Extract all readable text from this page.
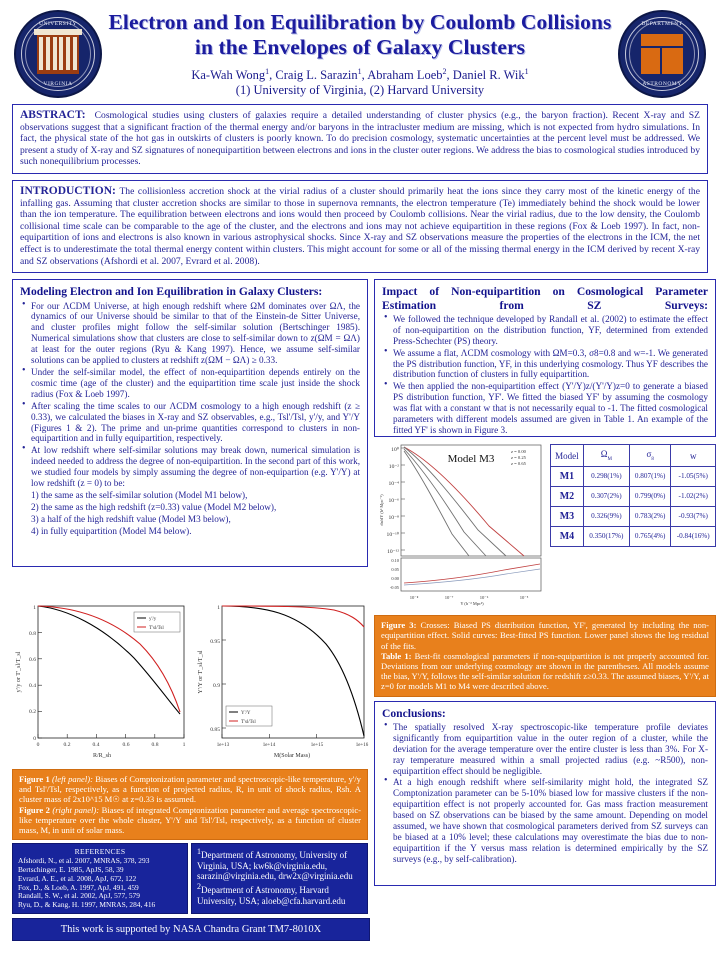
UNIVERSITY
VIRGINIA
Electron and Ion Equilibration by Coulomb Collisions
in the Envelopes of Galaxy Clusters
Ka-Wah Wong$^1$, Craig L. Sarazin$^1$, Abraham Loeb$^2$, Daniel R. Wik$^1$
(1) University of Virginia, (2) Harvard University
DEPARTMENT
ASTRONOMY

ABSTRACT: Cosmological studies using clusters of galaxies require a detailed understanding of cluster physics (e.g., the baryon fraction). Recent X-ray and SZ observations suggest that a significant fraction of the thermal energy and/or baryons in the intracluster medium are missing, which is not expected from hydro simulations. In fact, the physical state of the hot gas in outskirts of clusters is poorly known. To do precision cosmology, systematic uncertainties at the percent level must be addressed. We present a study of X-ray and SZ signatures of nonequipartition between electrons and ions in the cluster outer regions. We address the bias to cosmological studies introduced by such nonequilibrium processes.

INTRODUCTION: The collisionless accretion shock at the virial radius of a cluster should primarily heat the ions since they carry most of the kinetic energy of the infalling gas. Assuming that cluster accretion shocks are similar to those in supernova remnants, the electron temperature (Te) immediately behind the shock would be lower than the ion temperature. The equilibration between electrons and ions would then proceed by Coulomb collisions. Near the virial radius, due to the low density, the Coulomb collisional time scale can be comparable to the age of the cluster, and the electrons and ions may not achieve equipartition in these regions (Fox & Loeb 1997). In fact, non-equipartition of ions and electrons is also known in various astrophysical shocks. Since X-ray and SZ observations measure the properties of the electrons in the ICM, the net effect is to underestimate the total thermal energy content within clusters. This might account for some or all of the missing thermal energy in the ICM derived by recent X-ray and SZ observations (Afshordi et al. 2007, Evrard et al. 2008).

Modeling Electron and Ion Equilibration in Galaxy Clusters:
• For our ΛCDM Universe, at high enough redshift where ΩM dominates over ΩΛ, the dynamics of our Universe should be similar to that of the Einstein-de Sitter Universe, and cluster profiles might follow the self-similar solution (Bertschinger 1985). Numerical simulations show that clusters are close to self-similar down to z(ΩM = ΩΛ) at least for the outer regions (Ryu & Kang 1997). Hence, we assume self-similar solutions can be applied to clusters at redshift z(ΩM − ΩΛ) ≥ 0.33.
• Under the self-similar model, the effect of non-equipartition depends entirely on the cosmic time (age of the cluster) and the equipartition time scale just inside the shock radius (Fox & Loeb 1997).
• After scaling the time scales to our ΛCDM cosmology to a high enough redshift (z ≥ 0.33), we calculated the biases in X-ray and SZ observables, e.g., Tsl'/Tsl, y'/y, and Y'/Y (Figures 1 & 2). The prime and un-prime quantities correspond to clusters in non-equipartition and in fully equipartition, respectively.
• At low redshift where self-similar solutions may break down, numerical simulation is indeed needed to address the degree of non-equipartition. In the second part of this work, we studied four models by simply assuming the degree of non-equipartion (e.g. Y'/Y) at low redshift (z = 0) to be:
1) the same as the self-similar solution (Model M1 below),
2) the same as the high redshift (z=0.33) value (Model M2 below),
3) a half of the high redshift value (Model M3 below),
4) in fully equipartition (Model M4 below).
Impact of Non-equipartition on Cosmological Parameter Estimation from SZ Surveys:
• We followed the technique developed by Randall et al. (2002) to estimate the effect of non-equipartition on the distribution function, YF, determined from extended Press-Schechter (PS) theory.
• We assume a flat, ΛCDM cosmology with ΩM=0.3, σ8=0.8 and w=-1. We generated the PS distribution function, YF, in this underlying cosmology. Thus YF describes the distribution function of clusters in fully equipartition.
• We then applied the non-equipartition effect (Y'/Y)z/(Y'/Y)z=0 to generate a biased PS distribution function, YF'. We fitted the biased YF' by assuming the cosmology was flat with a constant w that is not necessarily equal to -1. The fitted cosmological parameters with different models assumed are given in Table 1. An example of the fitted YF' is shown in Figure 3.
10⁰
10⁻²
10⁻⁴
10⁻⁶
10⁻⁸
10⁻¹⁰
10⁻¹²
z = 0.00
z = 0.25
z = 0.65
Model M3
0.10
0.05
0.00
-0.05
10⁻⁸	10⁻⁷	10⁻⁶	10⁻⁵
Y (h⁻² Mpc²)
dn/dY (h³ Mpc⁻³)
Model	$\Omega_M$	$\sigma_8$	w
M1	0.298(1%)	0.807(1%)	-1.05(5%)
M2	0.307(2%)	0.799(0%)	-1.02(2%)
M3	0.326(9%)	0.783(2%)	-0.93(7%)
M4	0.350(17%)	0.765(4%)	-0.84(16%)
Figure 3: Crosses: Biased PS distribution function, YF', generated by including the non-equipartition effect. Solid curves: Best-fitted PS function. Lower panel shows the log residual of the fits.
Table 1: Best-fit cosmological parameters if non-equipartition is not properly accounted for. Deviations from our underlying cosmology are shown in the parentheses. All models assume the bias, Y'/Y, follows the self-similar solution for redshift z≥0.33. The assumed biases, Y'/Y, at z=0 for models M1 to M4 were described above.
Conclusions:
• The spatially resolved X-ray spectroscopic-like temperature profile deviates significantly from equipartition value in the outer region of a cluster, while the deviation for the average temperature over the entire cluster is less than 3%. For X-ray temperature measured within a small projected radius (e.g. ~R500), non-equipartition effect should be negligible.
• At a high enough redshift where self-similarity might hold, the integrated SZ Comptonization parameter can be 5-10% biased low for massive clusters if the non-equipartition effect is not properly accounted for. Gas mass fraction measurement based on SZ observations can be biased by the same amount. Depending on model assumed, we have shown that cosmological parameters derived from SZ surveys can be biased at a 10% level; these calculations may overestimate the bias due to non-equipartition if the Y versus mass relation is determined empirically by the SZ surveys (e.g., by self-calibration).
1
0.8
0.6
0.4
0.2
0
0	0.2	0.4	0.6	0.8	1
y'/y
T'sl/Tsl
R/R_sh
y'/y or T'_sl/T_sl
1
0.95
0.9
0.85
1e+13	1e+14	1e+15	1e+16
Y'/Y
T'sl/Tsl
M(Solar Mass)
Y'/Y or T'_sl/T_sl
Figure 1 (left panel): Biases of Comptonization parameter and spectroscopic-like temperature, y'/y and Tsl'/Tsl, respectively, as a function of projected radius, R, in unit of shock radius, Rsh. A cluster mass of 2x10^15 M☉ at z=0.33 is assumed.
Figure 2 (right panel): Biases of integrated Comptonization parameter and average spectroscopic-like temperature over the whole cluster, Y'/Y and Tsl'/Tsl, respectively, as a function of cluster mass, M, in unit of solar mass.
REFERENCES
Afshordi, N., et al. 2007, MNRAS, 378, 293
Bertschinger, E. 1985, ApJS, 58, 39
Evrard, A. E., et al. 2008, ApJ, 672, 122
Fox, D., & Loeb, A. 1997, ApJ, 491, 459
Randall, S. W., et al. 2002, ApJ, 577, 579
Ryu, D., & Kang, H. 1997, MNRAS, 284, 416
$^1$Department of Astronomy, University of
Virginia, USA; kw6k@virginia.edu,
sarazin@virginia.edu, drw2x@virginia.edu
$^2$Department of Astronomy, Harvard
University, USA; aloeb@cfa.harvard.edu
This work is supported by NASA Chandra Grant TM7-8010X
